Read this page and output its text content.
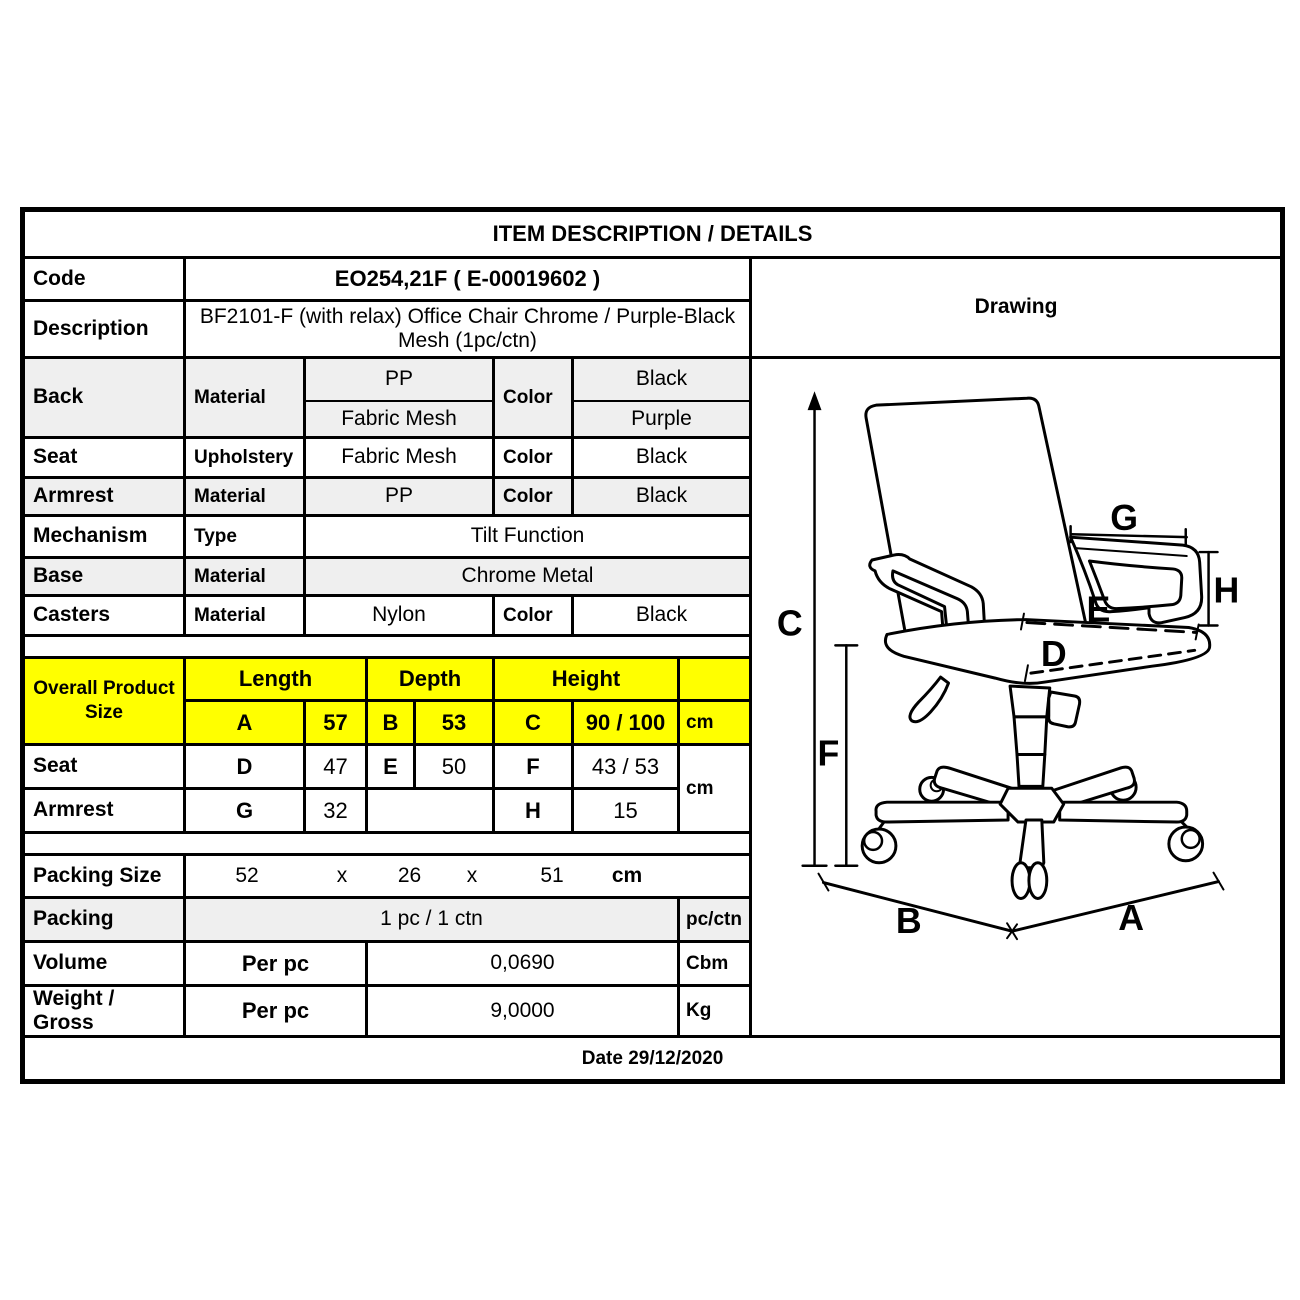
ITEM DESCRIPTION / DETAILS								
Code	EO254,21F ( E-00019602 )	
Drawing
C
F
G
H
E
D
B	A

Description	BF2101-F (with relax) Office Chair Chrome / Purple-Black Mesh (1pc/ctn)							
Back	Material	PP			Color	Black		
		Fabric Mesh				Purple		
Seat	Upholstery	Fabric Mesh			Color	Black		
Armrest	Material	PP			Color	Black		
Mechanism	Type	Tilt Function						
Base	Material	Chrome Metal						
Casters	Material	Nylon			Color	Black		

Overall Product Size	Length		Depth		Height			
	A	57	B	53	C	90 / 100	cm	
Seat	D	47	E	50	F	43 / 53	cm	
Armrest	G	32			H	15		

Packing Size	52	x	26	x	51	cm

Packing	1 pc / 1 ctn						pc/ctn	
Volume	Per pc		0,0690				Cbm	
Weight / Gross	Per pc		9,0000				Kg	
Date 29/12/2020								
